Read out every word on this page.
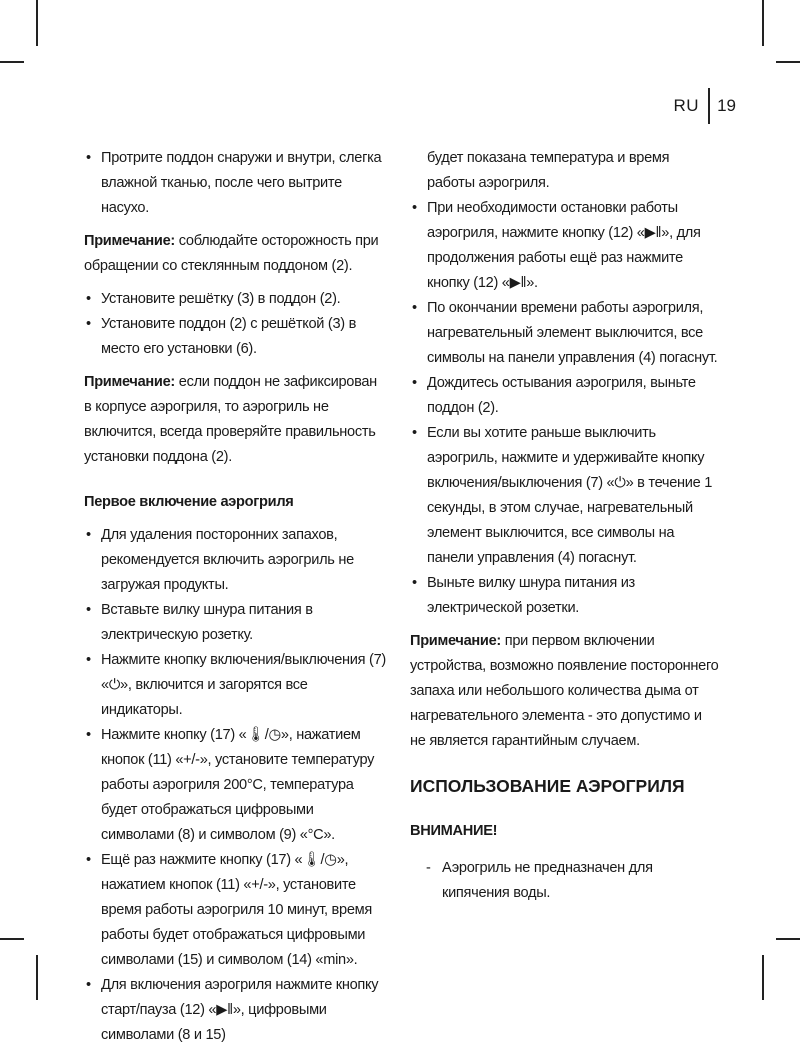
RU	19
• Протрите поддон снаружи и внутри, слегка влажной тканью, после чего вытрите насухо.

Примечание: соблюдайте осторожность при обращении со стеклянным поддоном (2).

• Установите решётку (3) в поддон (2).
• Установите поддон (2) с решёткой (3) в место его установки (6).

Примечание: если поддон не зафиксирован в корпусе аэрогриля, то аэрогриль не включится, всегда проверяйте правильность установки поддона (2).

Первое включение аэрогриля

• Для удаления посторонних запахов, рекомендуется включить аэрогриль не загружая продукты.
• Вставьте вилку шнура питания в электрическую розетку.
• Нажмите кнопку включения/выключения (7) «⏻», включится и загорятся все индикаторы.
• Нажмите кнопку (17) «🌡/◷», нажатием кнопок (11) «+/-», установите температуру работы аэрогриля 200°С, температура будет отображаться цифровыми символами (8) и символом (9) «°С».
• Ещё раз нажмите кнопку (17) «🌡/◷», нажатием кнопок (11) «+/-», установите время работы аэрогриля 10 минут, время работы будет отображаться цифровыми символами (15) и символом (14) «min».
• Для включения аэрогриля нажмите кнопку старт/пауза (12) «▶‖», цифровыми символами (8 и 15)
будет показана температура и время работы аэрогриля.
• При необходимости остановки работы аэрогриля, нажмите кнопку (12) «▶‖», для продолжения работы ещё раз нажмите кнопку (12) «▶‖».
• По окончании времени работы аэрогриля, нагревательный элемент выключится, все символы на панели управления (4) погаснут.
• Дождитесь остывания аэрогриля, выньте поддон (2).
• Если вы хотите раньше выключить аэрогриль, нажмите и удерживайте кнопку включения/выключения (7) «⏻» в течение 1 секунды, в этом случае, нагревательный элемент выключится, все символы на панели управления (4) погаснут.
• Выньте вилку шнура питания из электрической розетки.

Примечание: при первом включении устройства, возможно появление постороннего запаха или небольшого количества дыма от нагревательного элемента - это допустимо и не является гарантийным случаем.

ИСПОЛЬЗОВАНИЕ АЭРОГРИЛЯ

ВНИМАНИЕ!

- Аэрогриль не предназначен для кипячения воды.
